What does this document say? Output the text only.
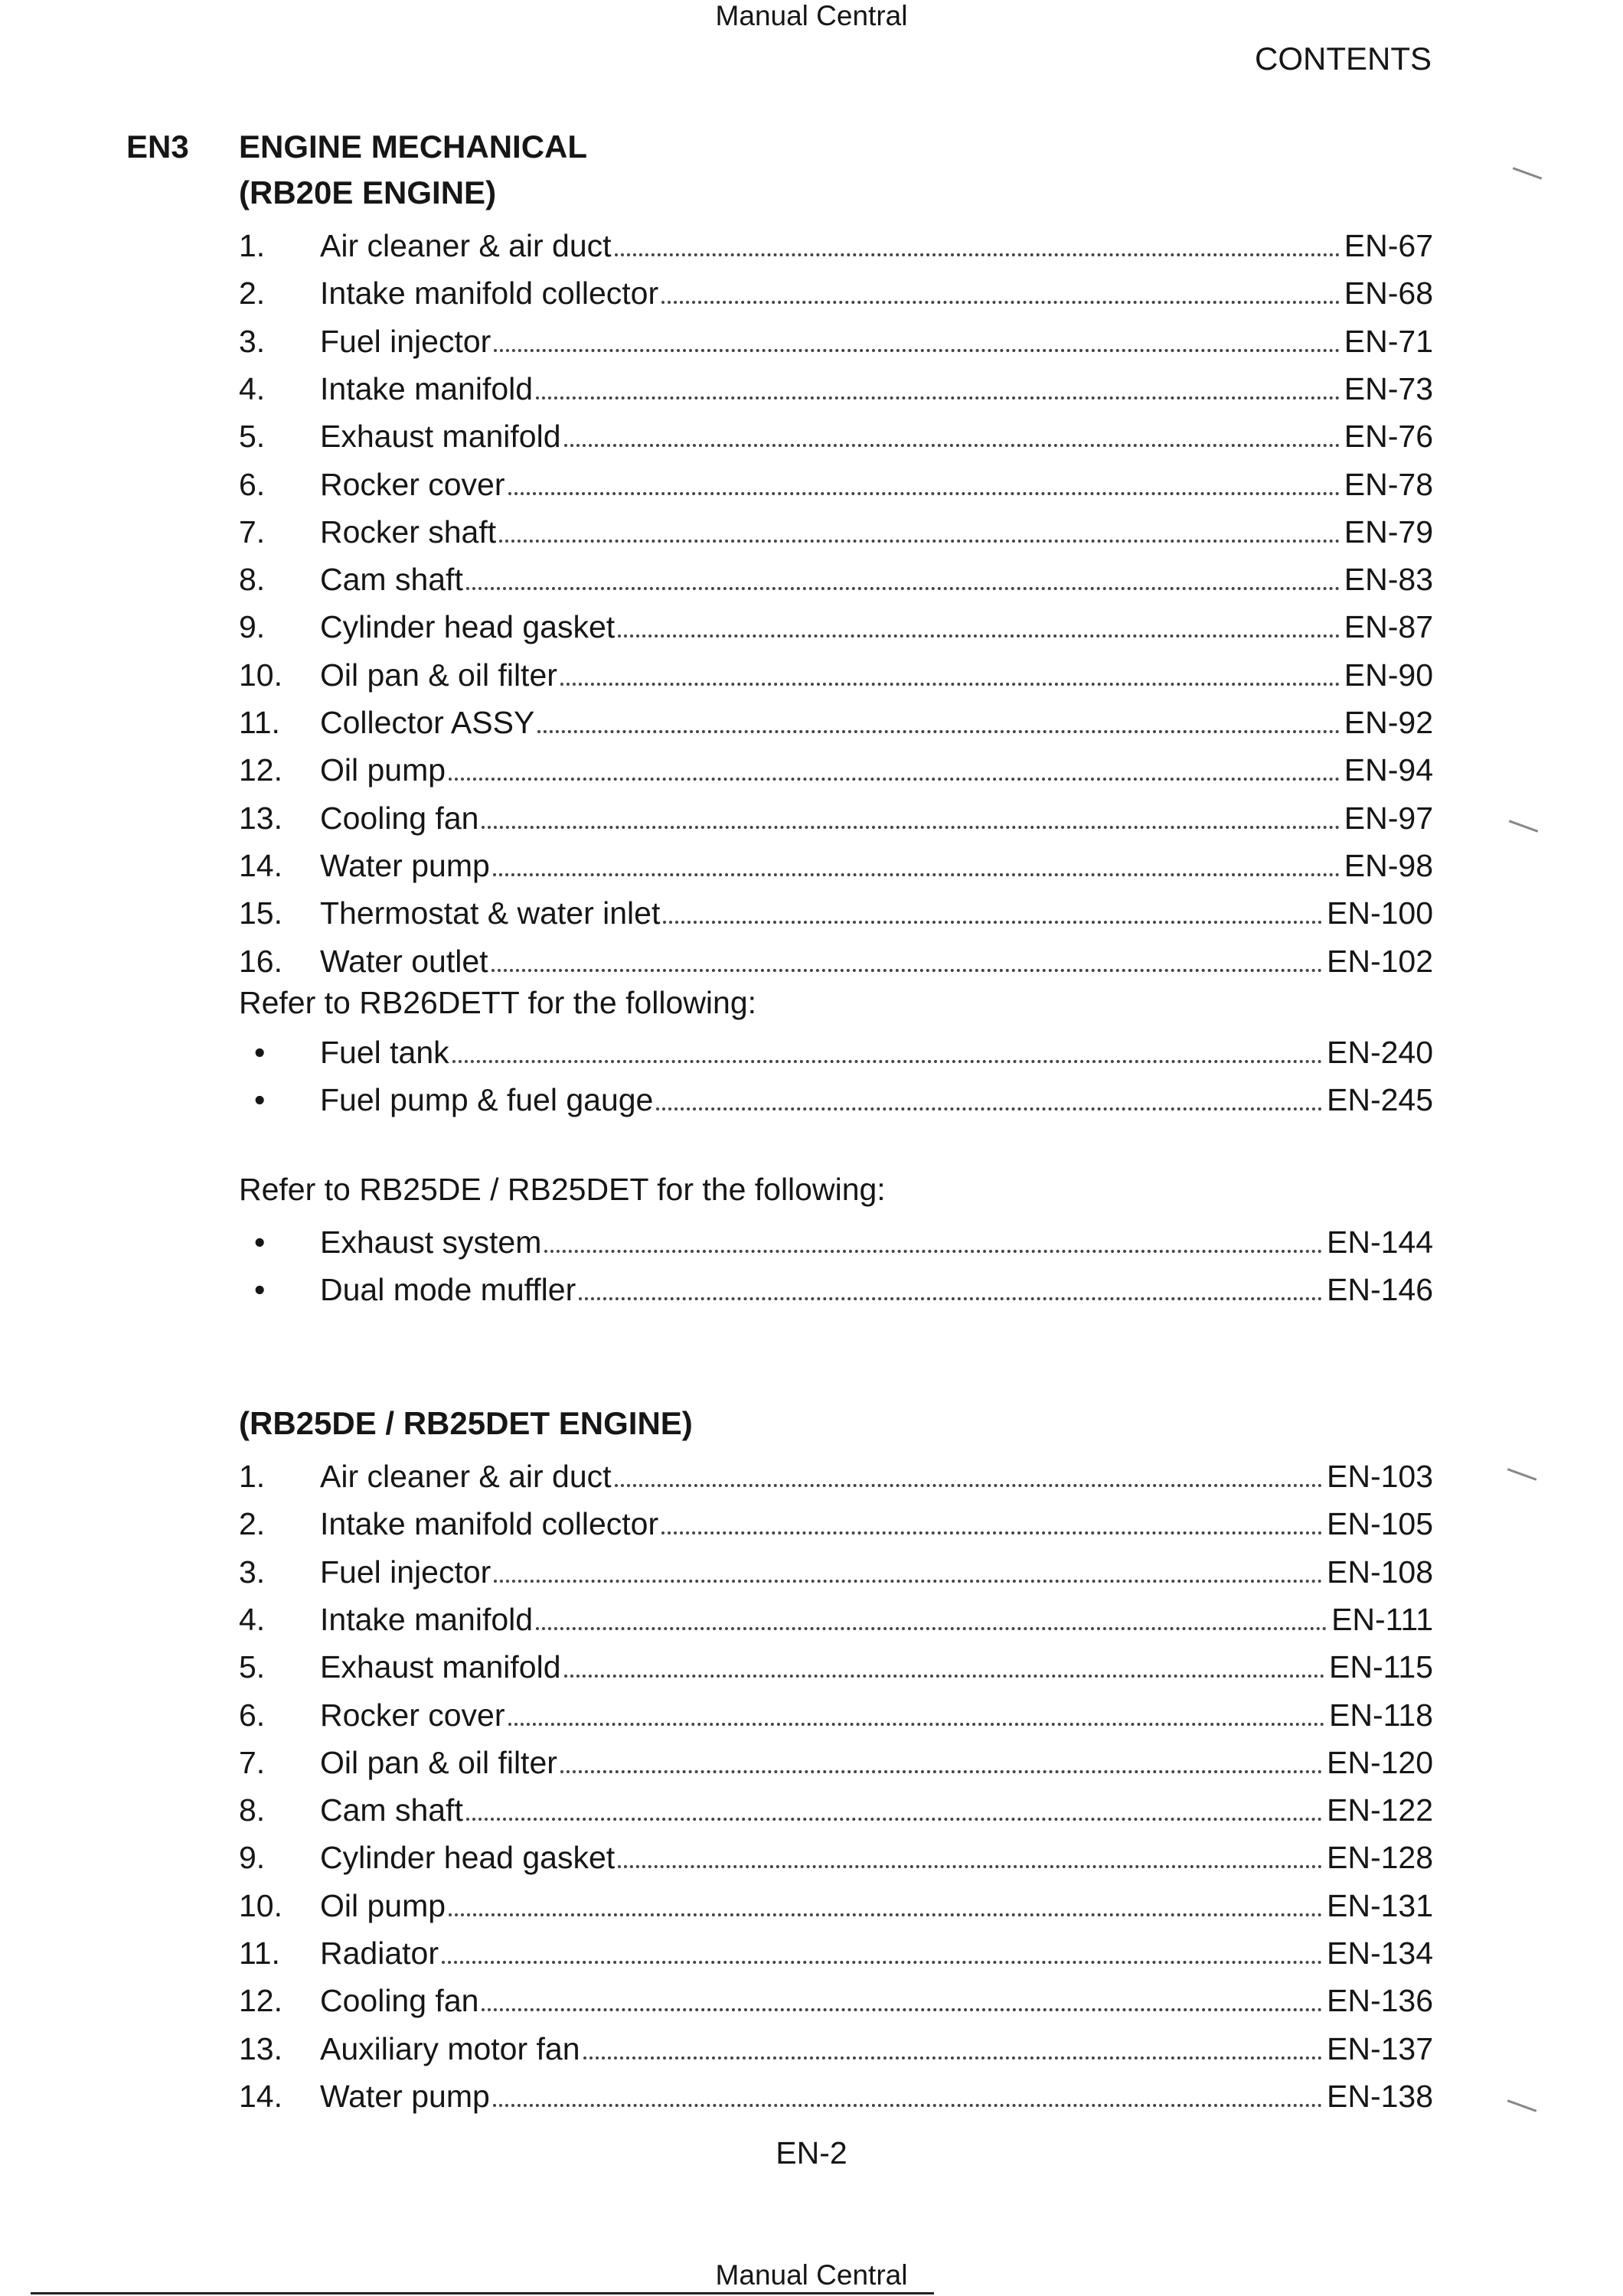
Manual Central
CONTENTS
EN3 ENGINE MECHANICAL
(RB20E ENGINE)
1.	Air cleaner & air duct	EN-67
2.	Intake manifold collector	EN-68
3.	Fuel injector	EN-71
4.	Intake manifold	EN-73
5.	Exhaust manifold	EN-76
6.	Rocker cover	EN-78
7.	Rocker shaft	EN-79
8.	Cam shaft	EN-83
9.	Cylinder head gasket	EN-87
10.	Oil pan & oil filter	EN-90
11.	Collector ASSY	EN-92
12.	Oil pump	EN-94
13.	Cooling fan	EN-97
14.	Water pump	EN-98
15.	Thermostat & water inlet	EN-100
16.	Water outlet	EN-102
Refer to RB26DETT for the following:
•	Fuel tank	EN-240
•	Fuel pump & fuel gauge	EN-245
Refer to RB25DE / RB25DET for the following:
•	Exhaust system	EN-144
•	Dual mode muffler	EN-146
(RB25DE / RB25DET ENGINE)
1.	Air cleaner & air duct	EN-103
2.	Intake manifold collector	EN-105
3.	Fuel injector	EN-108
4.	Intake manifold	EN-111
5.	Exhaust manifold	EN-115
6.	Rocker cover	EN-118
7.	Oil pan & oil filter	EN-120
8.	Cam shaft	EN-122
9.	Cylinder head gasket	EN-128
10.	Oil pump	EN-131
11.	Radiator	EN-134
12.	Cooling fan	EN-136
13.	Auxiliary motor fan	EN-137
14.	Water pump	EN-138
EN-2
Manual Central
